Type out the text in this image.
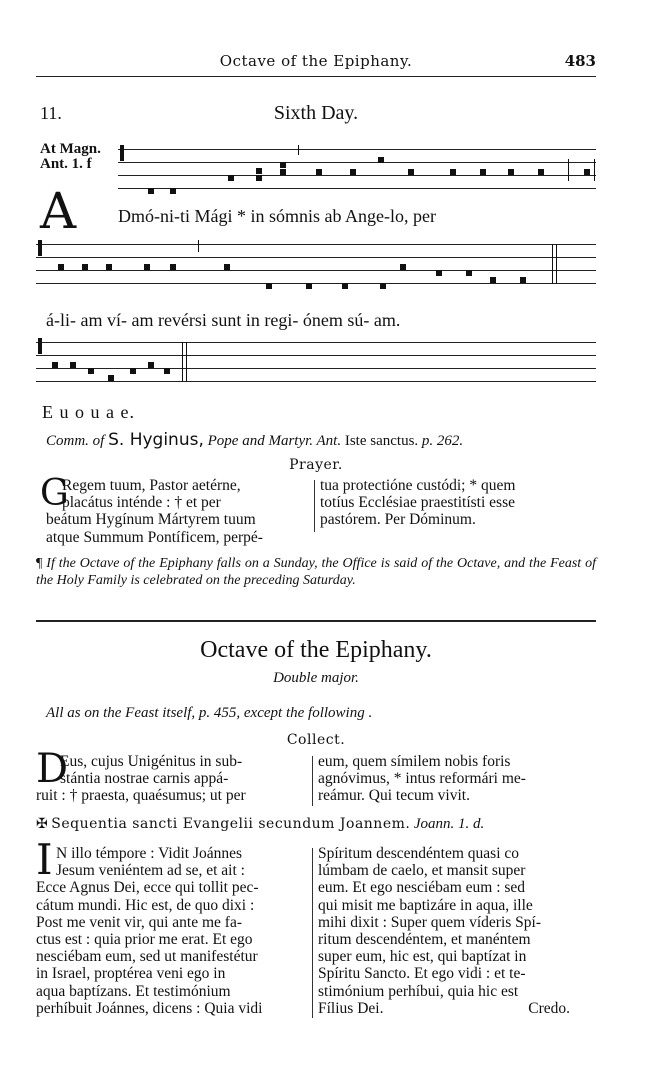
Octave of the Epiphany.	483
11.	Sixth Day.
At Magn.
Ant. 1. f
A Dmó-ni-ti Mági * in sómnis ab Ange-lo, per
á-li- am ví- am revérsi sunt in regi- ónem sú- am.
E u o u a e.
Comm. of S. Hyginus, Pope and Martyr. Ant. Iste sanctus. p. 262.
Prayer.
G

Regem tuum, Pastor aetérne,

placátus inténde : † et per

beátum Hygínum Mártyrem tuum

atque Summum Pontíficem, perpé-

tua protectióne custódi; * quem

totíus Ecclésiae praestitísti esse

pastórem. Per Dóminum.

¶ If the Octave of the Epiphany falls on a Sunday, the Office is said of the Octave, and the Feast of the Holy Family is celebrated on the preceding Saturday.
Octave of the Epiphany.
Double major.
All as on the Feast itself, p. 455, except the following .
Collect.
D

Eus, cujus Unigénitus in sub-

stántia nostrae carnis appá-

ruit : † praesta, quaésumus; ut per

eum, quem símilem nobis foris

agnóvimus, * intus reformári me-

reámur. Qui tecum vivit.

✠ Sequentia sancti Evangelii secundum Joannem. Joann. 1. d.
I N illo témpore : Vidit Joánnes

Jesum veniéntem ad se, et ait :

Ecce Agnus Dei, ecce qui tollit pec-

cátum mundi. Hic est, de quo dixi :

Post me venit vir, qui ante me fa-

ctus est : quia prior me erat. Et ego

nesciébam eum, sed ut manifestétur

in Israel, proptérea veni ego in

aqua baptízans. Et testimónium

perhíbuit Joánnes, dicens : Quia vidi

Spíritum descendéntem quasi co

lúmbam de caelo, et mansit super

eum. Et ego nesciébam eum : sed

qui misit me baptizáre in aqua, ille

mihi dixit : Super quem víderis Spí-

ritum descendéntem, et manéntem

super eum, hic est, qui baptízat in

Spíritu Sancto. Et ego vidi : et te-

stimónium perhíbui, quia hic est

Fílius Dei.	Credo.
